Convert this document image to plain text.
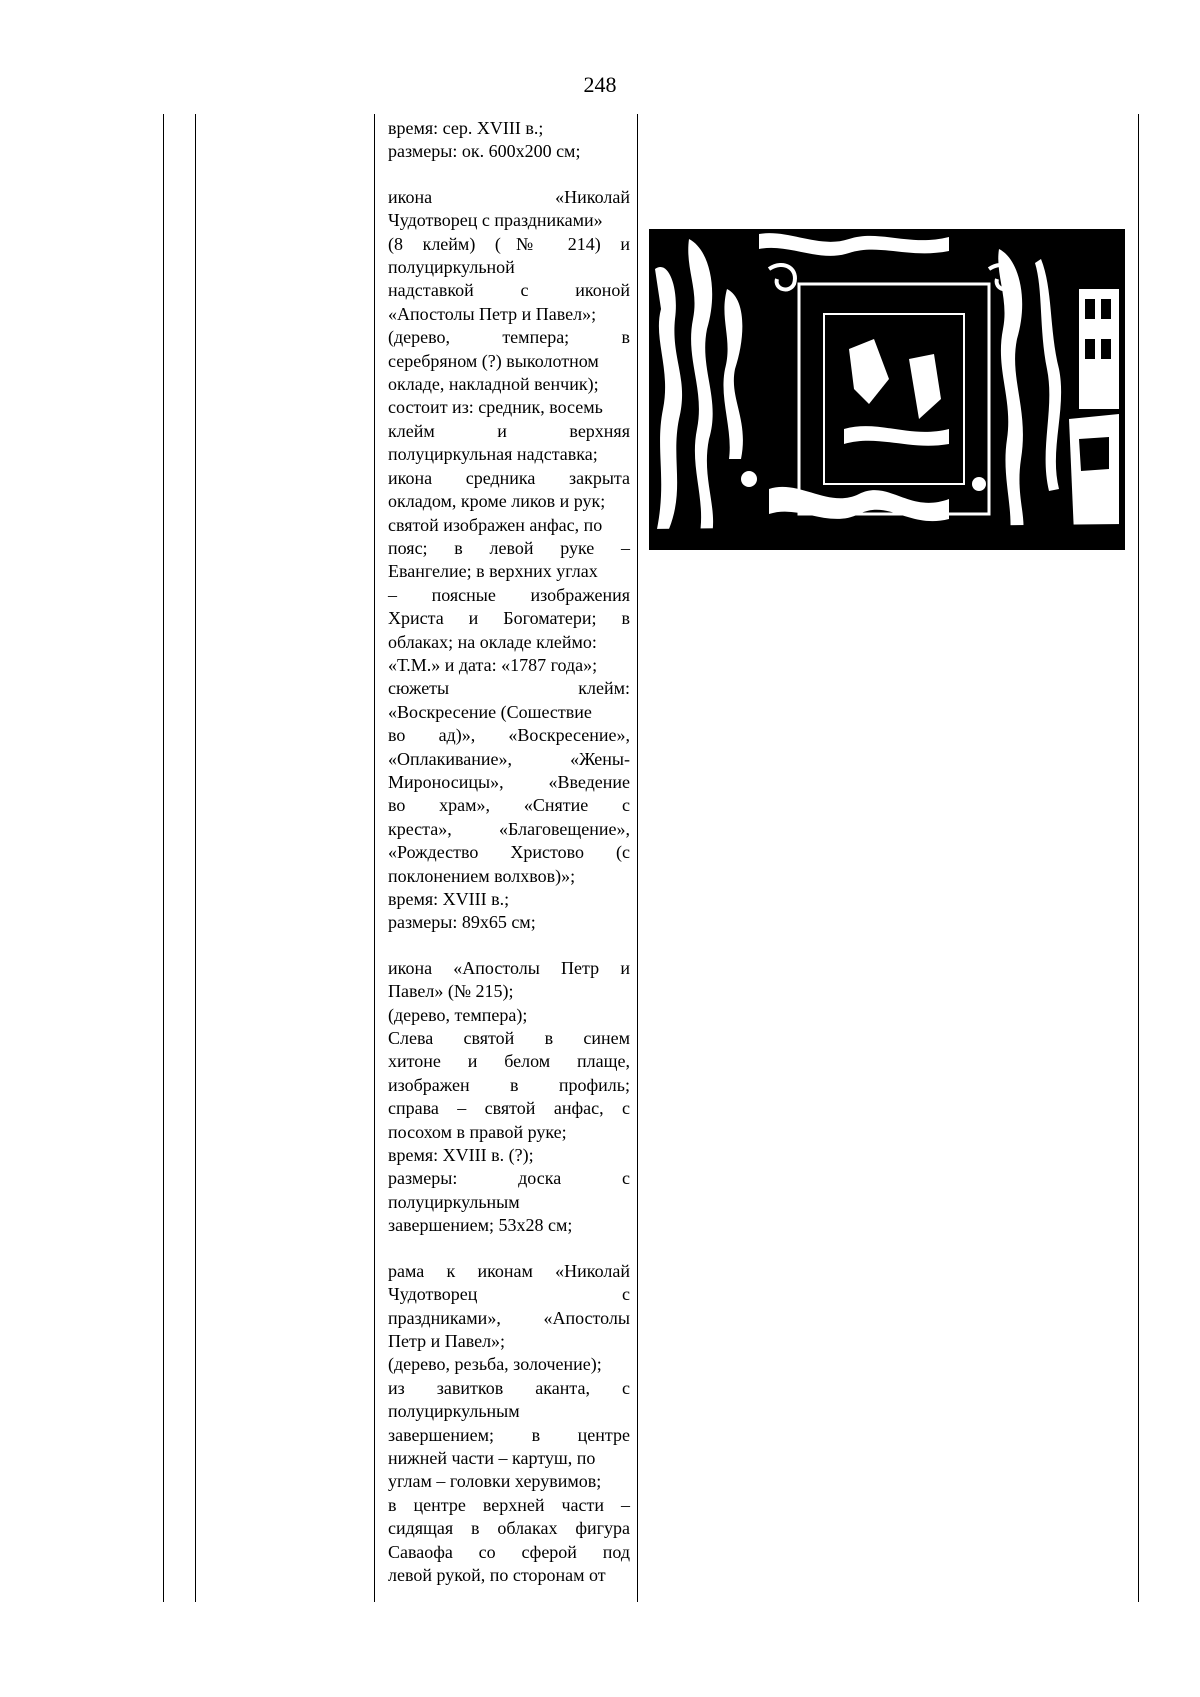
248
время: сер. XVIII в.;
размеры: ок. 600х200 см;
икона «Николай
Чудотворец с праздниками»
(8 клейм) (№ 214) и
полуциркульной
надставкой с иконой
«Апостолы Петр и Павел»;
(дерево, темпера; в
серебряном (?) выколотном
окладе, накладной венчик);
состоит из: средник, восемь
клейм и верхняя
полуциркульная надставка;
икона средника закрыта
окладом, кроме ликов и рук;
святой изображен анфас, по
пояс; в левой руке –
Евангелие; в верхних углах
– поясные изображения
Христа и Богоматери; в
облаках; на окладе клеймо:
«Т.М.» и дата: «1787 года»;
сюжеты клейм:
«Воскресение (Сошествие
во ад)», «Воскресение»,
«Оплакивание», «Жены-
Мироносицы», «Введение
во храм», «Снятие с
креста», «Благовещение»,
«Рождество Христово (с
поклонением волхвов)»;
время: XVIII в.;
размеры: 89х65 см;
икона «Апостолы Петр и
Павел» (№ 215);
(дерево, темпера);
Слева святой в синем
хитоне и белом плаще,
изображен в профиль;
справа – святой анфас, с
посохом в правой руке;
время: XVIII в. (?);
размеры: доска с
полуциркульным
завершением; 53х28 см;
рама к иконам «Николай
Чудотворец с
праздниками», «Апостолы
Петр и Павел»;
(дерево, резьба, золочение);
из завитков аканта, с
полуциркульным
завершением; в центре
нижней части – картуш, по
углам – головки херувимов;
в центре верхней части –
сидящая в облаках фигура
Саваофа со сферой под
левой рукой, по сторонам от
